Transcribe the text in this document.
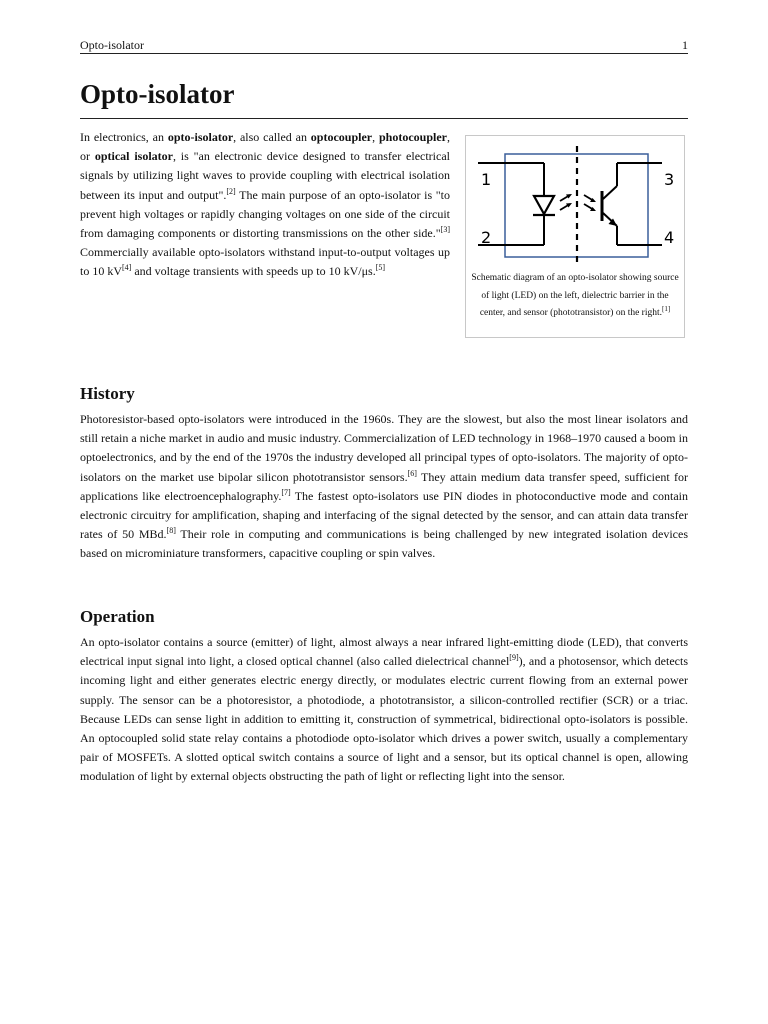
Opto-isolator	1
Opto-isolator

In electronics, an opto-isolator, also called an optocoupler, photocoupler, or optical isolator, is "an electronic device designed to transfer electrical signals by utilizing light waves to provide coupling with electrical isolation between its input and output".[2] The main purpose of an opto-isolator is "to prevent high voltages or rapidly changing voltages on one side of the circuit from damaging components or distorting transmissions on the other side."[3] Commercially available opto-isolators withstand input-to-output voltages up to 10 kV[4] and voltage transients with speeds up to 10 kV/μs.[5]

1	3
2	4

Schematic diagram of an opto-isolator showing source of light (LED) on the left, dielectric barrier in the center, and sensor (phototransistor) on the right.[1]

History

Photoresistor-based opto-isolators were introduced in the 1960s. They are the slowest, but also the most linear isolators and still retain a niche market in audio and music industry. Commercialization of LED technology in 1968–1970 caused a boom in optoelectronics, and by the end of the 1970s the industry developed all principal types of opto-isolators. The majority of opto-isolators on the market use bipolar silicon phototransistor sensors.[6] They attain medium data transfer speed, sufficient for applications like electroencephalography.[7] The fastest opto-isolators use PIN diodes in photoconductive mode and contain electronic circuitry for amplification, shaping and interfacing of the signal detected by the sensor, and can attain data transfer rates of 50 MBd.[8] Their role in computing and communications is being challenged by new integrated isolation devices based on microminiature transformers, capacitive coupling or spin valves.

Operation

An opto-isolator contains a source (emitter) of light, almost always a near infrared light-emitting diode (LED), that converts electrical input signal into light, a closed optical channel (also called dielectrical channel[9]), and a photosensor, which detects incoming light and either generates electric energy directly, or modulates electric current flowing from an external power supply. The sensor can be a photoresistor, a photodiode, a phototransistor, a silicon-controlled rectifier (SCR) or a triac. Because LEDs can sense light in addition to emitting it, construction of symmetrical, bidirectional opto-isolators is possible. An optocoupled solid state relay contains a photodiode opto-isolator which drives a power switch, usually a complementary pair of MOSFETs. A slotted optical switch contains a source of light and a sensor, but its optical channel is open, allowing modulation of light by external objects obstructing the path of light or reflecting light into the sensor.
